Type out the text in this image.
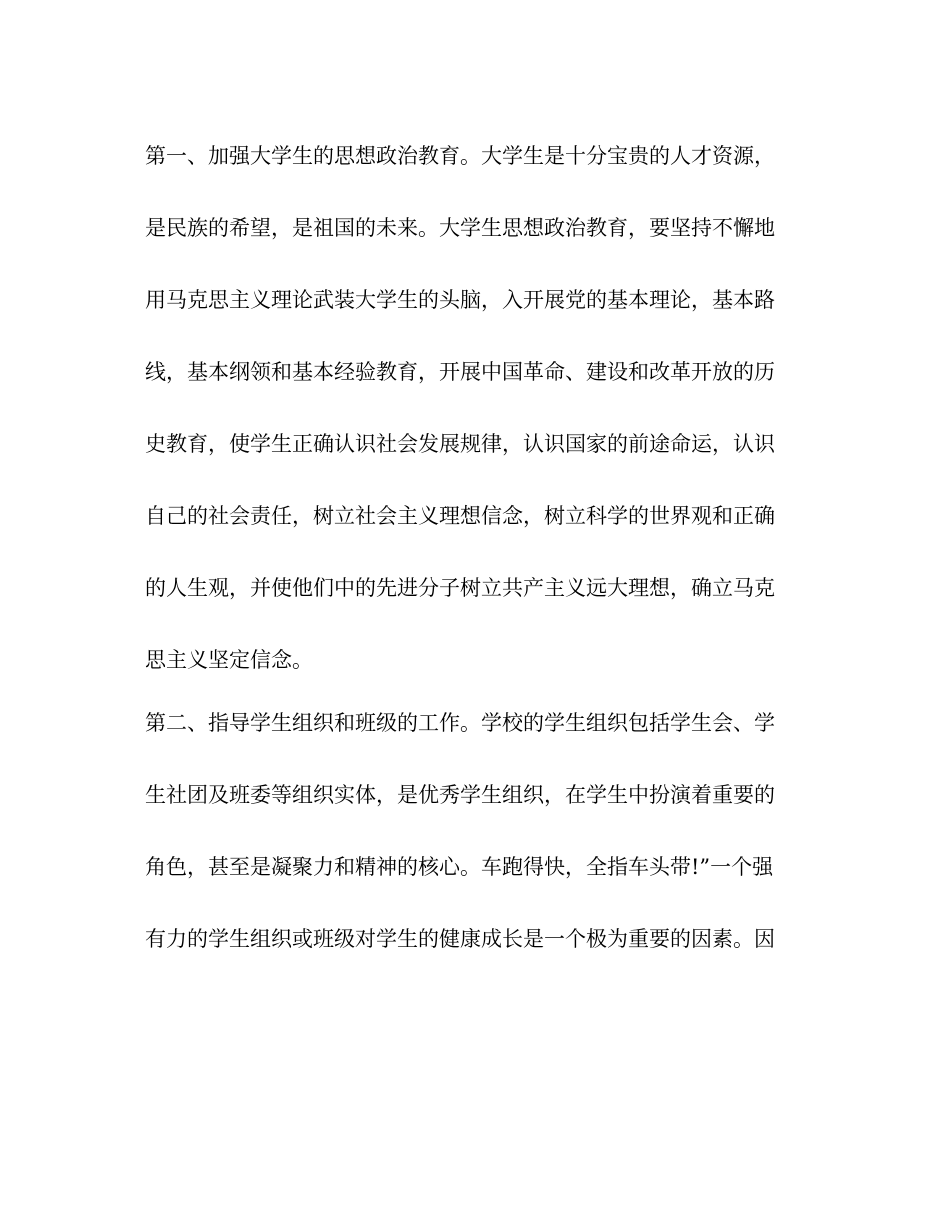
第一、加强大学生的思想政治教育。大学生是十分宝贵的人才资源，
是民族的希望，是祖国的未来。大学生思想政治教育，要坚持不懈地
用马克思主义理论武装大学生的头脑，入开展党的基本理论，基本路
线，基本纲领和基本经验教育，开展中国革命、建设和改革开放的历
史教育，使学生正确认识社会发展规律，认识国家的前途命运，认识
自己的社会责任，树立社会主义理想信念，树立科学的世界观和正确
的人生观，并使他们中的先进分子树立共产主义远大理想，确立马克
思主义坚定信念。
第二、指导学生组织和班级的工作。学校的学生组织包括学生会、学
生社团及班委等组织实体，是优秀学生组织，在学生中扮演着重要的
角色，甚至是凝聚力和精神的核心。车跑得快，全指车头带!”一个强
有力的学生组织或班级对学生的健康成长是一个极为重要的因素。因
